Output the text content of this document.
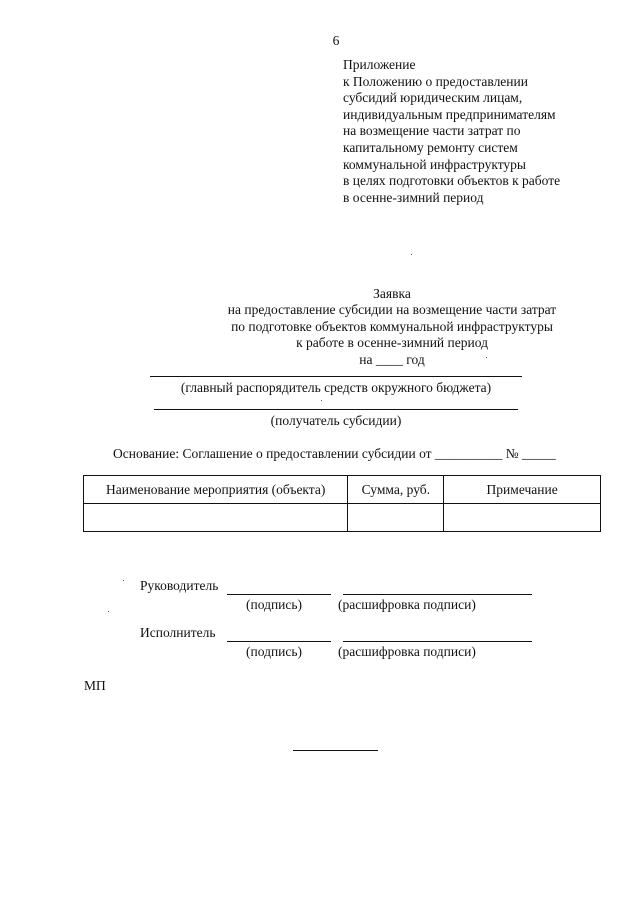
6
Приложение
к Положению о предоставлении
субсидий юридическим лицам,
индивидуальным предпринимателям
на возмещение части затрат по
капитальному ремонту систем
коммунальной инфраструктуры
в целях подготовки объектов к работе
в осенне-зимний период
Заявка
на предоставление субсидии на возмещение части затрат
по подготовке объектов коммунальной инфраструктуры
к работе в осенне-зимний период
на ____ год
(главный распорядитель средств окружного бюджета)
(получатель субсидии)
Основание: Соглашение о предоставлении субсидии от __________ № _____
Наименование мероприятия (объекта)	Сумма, руб.	Примечание

Руководитель
(подпись)	(расшифровка подписи)
Исполнитель
(подпись)	(расшифровка подписи)
МП
